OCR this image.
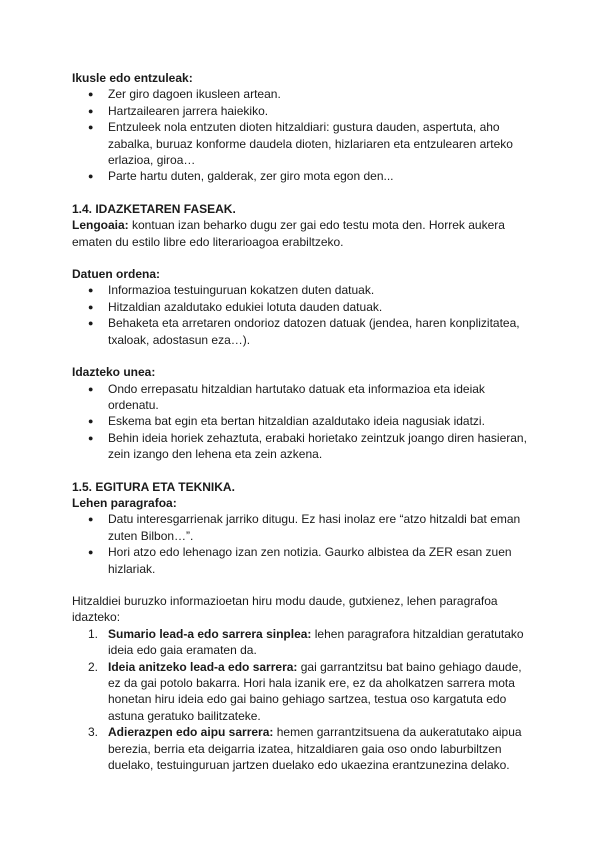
Ikusle edo entzuleak:

● Zer giro dagoen ikusleen artean.
● Hartzailearen jarrera haiekiko.
● Entzuleek nola entzuten dioten hitzaldiari: gustura dauden, aspertuta, aho zabalka, buruaz konforme daudela dioten, hizlariaren eta entzulearen arteko erlazioa, giroa…
● Parte hartu duten, galderak, zer giro mota egon den...

1.4. IDAZKETAREN FASEAK.

Lengoaia: kontuan izan beharko dugu zer gai edo testu mota den. Horrek aukera ematen du estilo libre edo literarioagoa erabiltzeko.

Datuen ordena:

● Informazioa testuinguruan kokatzen duten datuak.
● Hitzaldian azaldutako edukiei lotuta dauden datuak.
● Behaketa eta arretaren ondorioz datozen datuak (jendea, haren konplizitatea, txaloak, adostasun eza…).

Idazteko unea:

● Ondo errepasatu hitzaldian hartutako datuak eta informazioa eta ideiak ordenatu.
● Eskema bat egin eta bertan hitzaldian azaldutako ideia nagusiak idatzi.
● Behin ideia horiek zehaztuta, erabaki horietako zeintzuk joango diren hasieran, zein izango den lehena eta zein azkena.

1.5. EGITURA ETA TEKNIKA.

Lehen paragrafoa:

● Datu interesgarrienak jarriko ditugu. Ez hasi inolaz ere “atzo hitzaldi bat eman zuten Bilbon…”.
● Hori atzo edo lehenago izan zen notizia. Gaurko albistea da ZER esan zuen hizlariak.

Hitzaldiei buruzko informazioetan hiru modu daude, gutxienez, lehen paragrafoa idazteko:

1. Sumario lead-a edo sarrera sinplea: lehen paragrafora hitzaldian geratutako ideia edo gaia eramaten da.
2. Ideia anitzeko lead-a edo sarrera: gai garrantzitsu bat baino gehiago daude, ez da gai potolo bakarra. Hori hala izanik ere, ez da aholkatzen sarrera mota honetan hiru ideia edo gai baino gehiago sartzea, testua oso kargatuta edo astuna geratuko bailitzateke.
3. Adierazpen edo aipu sarrera: hemen garrantzitsuena da aukeratutako aipua berezia, berria eta deigarria izatea, hitzaldiaren gaia oso ondo laburbiltzen duelako, testuinguruan jartzen duelako edo ukaezina erantzunezina delako.
